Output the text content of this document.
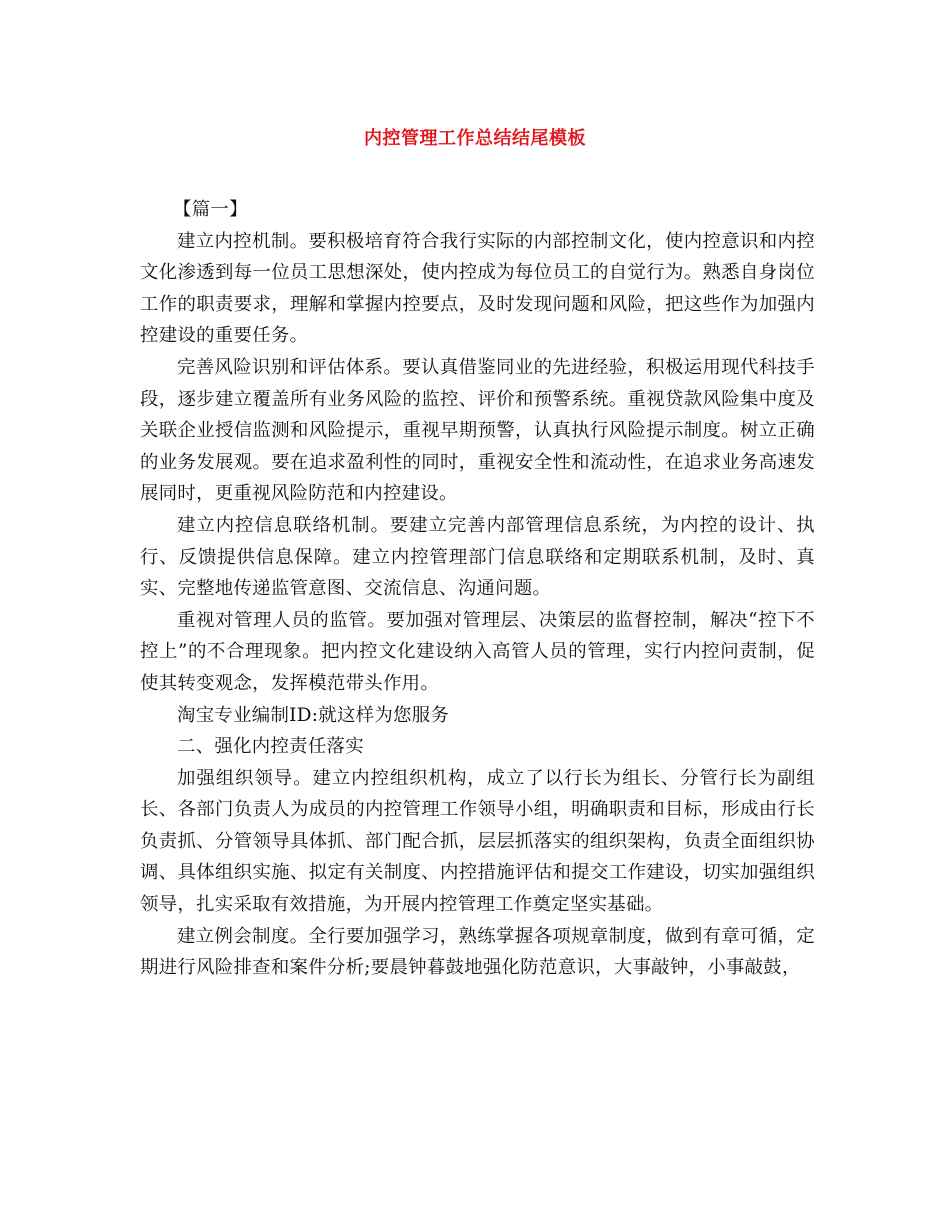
内控管理工作总结结尾模板

【篇一】

建立内控机制。要积极培育符合我行实际的内部控制文化，使内控意识和内控文化渗透到每一位员工思想深处，使内控成为每位员工的自觉行为。熟悉自身岗位工作的职责要求，理解和掌握内控要点，及时发现问题和风险，把这些作为加强内控建设的重要任务。

完善风险识别和评估体系。要认真借鉴同业的先进经验，积极运用现代科技手段，逐步建立覆盖所有业务风险的监控、评价和预警系统。重视贷款风险集中度及关联企业授信监测和风险提示，重视早期预警，认真执行风险提示制度。树立正确的业务发展观。要在追求盈利性的同时，重视安全性和流动性，在追求业务高速发展同时，更重视风险防范和内控建设。

建立内控信息联络机制。要建立完善内部管理信息系统，为内控的设计、执行、反馈提供信息保障。建立内控管理部门信息联络和定期联系机制，及时、真实、完整地传递监管意图、交流信息、沟通问题。

重视对管理人员的监管。要加强对管理层、决策层的监督控制，解决“控下不控上”的不合理现象。把内控文化建设纳入高管人员的管理，实行内控问责制，促使其转变观念，发挥模范带头作用。

淘宝专业编制ID:就这样为您服务

二、强化内控责任落实

加强组织领导。建立内控组织机构，成立了以行长为组长、分管行长为副组长、各部门负责人为成员的内控管理工作领导小组，明确职责和目标，形成由行长负责抓、分管领导具体抓、部门配合抓，层层抓落实的组织架构，负责全面组织协调、具体组织实施、拟定有关制度、内控措施评估和提交工作建设，切实加强组织领导，扎实采取有效措施，为开展内控管理工作奠定坚实基础。

建立例会制度。全行要加强学习，熟练掌握各项规章制度，做到有章可循，定期进行风险排查和案件分析;要晨钟暮鼓地强化防范意识，大事敲钟，小事敲鼓，
